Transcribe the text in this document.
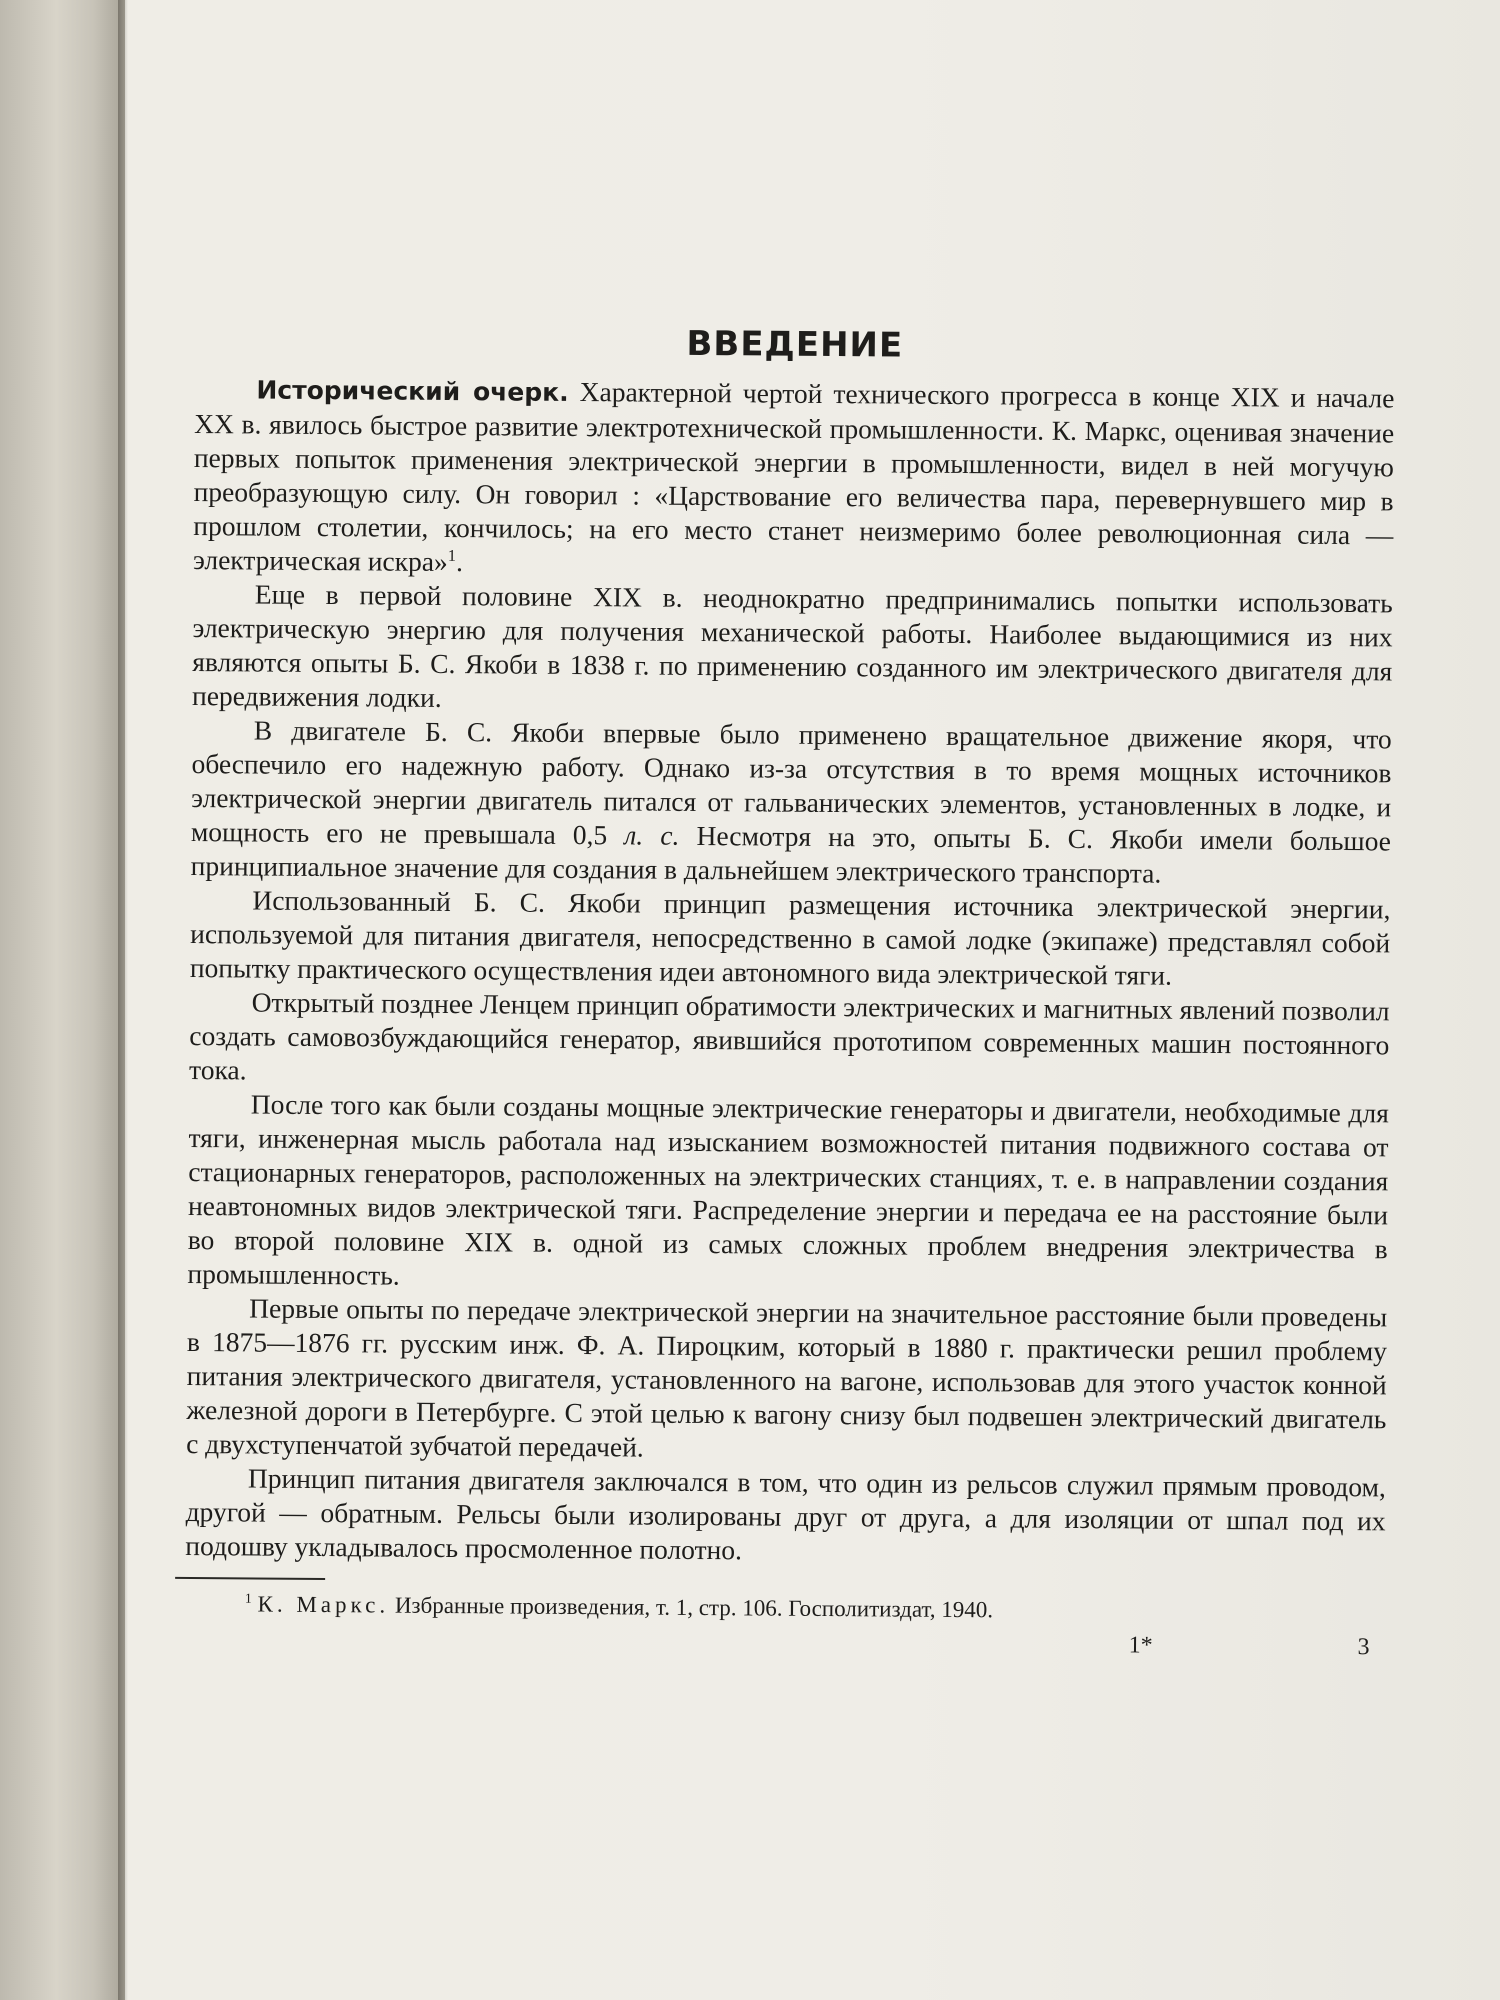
ВВЕДЕНИЕ

Исторический очерк. Характерной чертой технического прогресса в конце XIX и начале XX в. явилось быстрое развитие электротехнической промышленности. К. Маркс, оценивая значение первых попыток применения электрической энергии в промышленности, видел в ней могучую преобразующую силу. Он говорил : «Царствование его величества пара, перевернувшего мир в прошлом столетии, кончилось; на его место станет неизмеримо более революционная сила — электрическая искра»$^1$.

Еще в первой половине XIX в. неоднократно предпринимались попытки использовать электрическую энергию для получения механической работы. Наиболее выдающимися из них являются опыты Б. С. Якоби в 1838 г. по применению созданного им электрического двигателя для передвижения лодки.

В двигателе Б. С. Якоби впервые было применено вращательное движение якоря, что обеспечило его надежную работу. Однако из-за отсутствия в то время мощных источников электрической энергии двигатель питался от гальванических элементов, установленных в лодке, и мощность его не превышала 0,5 л. с. Несмотря на это, опыты Б. С. Якоби имели большое принципиальное значение для создания в дальнейшем электрического транспорта.

Использованный Б. С. Якоби принцип размещения источника электрической энергии, используемой для питания двигателя, непосредственно в самой лодке (экипаже) представлял собой попытку практического осуществления идеи автономного вида электрической тяги.

Открытый позднее Ленцем принцип обратимости электрических и магнитных явлений позволил создать самовозбуждающийся генератор, явившийся прототипом современных машин постоянного тока.

После того как были созданы мощные электрические генераторы и двигатели, необходимые для тяги, инженерная мысль работала над изысканием возможностей питания подвижного состава от стационарных генераторов, расположенных на электрических станциях, т. е. в направлении создания неавтономных видов электрической тяги. Распределение энергии и передача ее на расстояние были во второй половине XIX в. одной из самых сложных проблем внедрения электричества в промышленность.

Первые опыты по передаче электрической энергии на значительное расстояние были проведены в 1875—1876 гг. русским инж. Ф. А. Пироцким, который в 1880 г. практически решил проблему питания электрического двигателя, установленного на вагоне, использовав для этого участок конной железной дороги в Петербурге. С этой целью к вагону снизу был подвешен электрический двигатель с двухступенчатой зубчатой передачей.

Принцип питания двигателя заключался в том, что один из рельсов служил прямым проводом, другой — обратным. Рельсы были изолированы друг от друга, а для изоляции от шпал под их подошву укладывалось просмоленное полотно.

$^1$ К. Маркс. Избранные произведения, т. 1, стр. 106. Госполитиздат, 1940.
1*	3
